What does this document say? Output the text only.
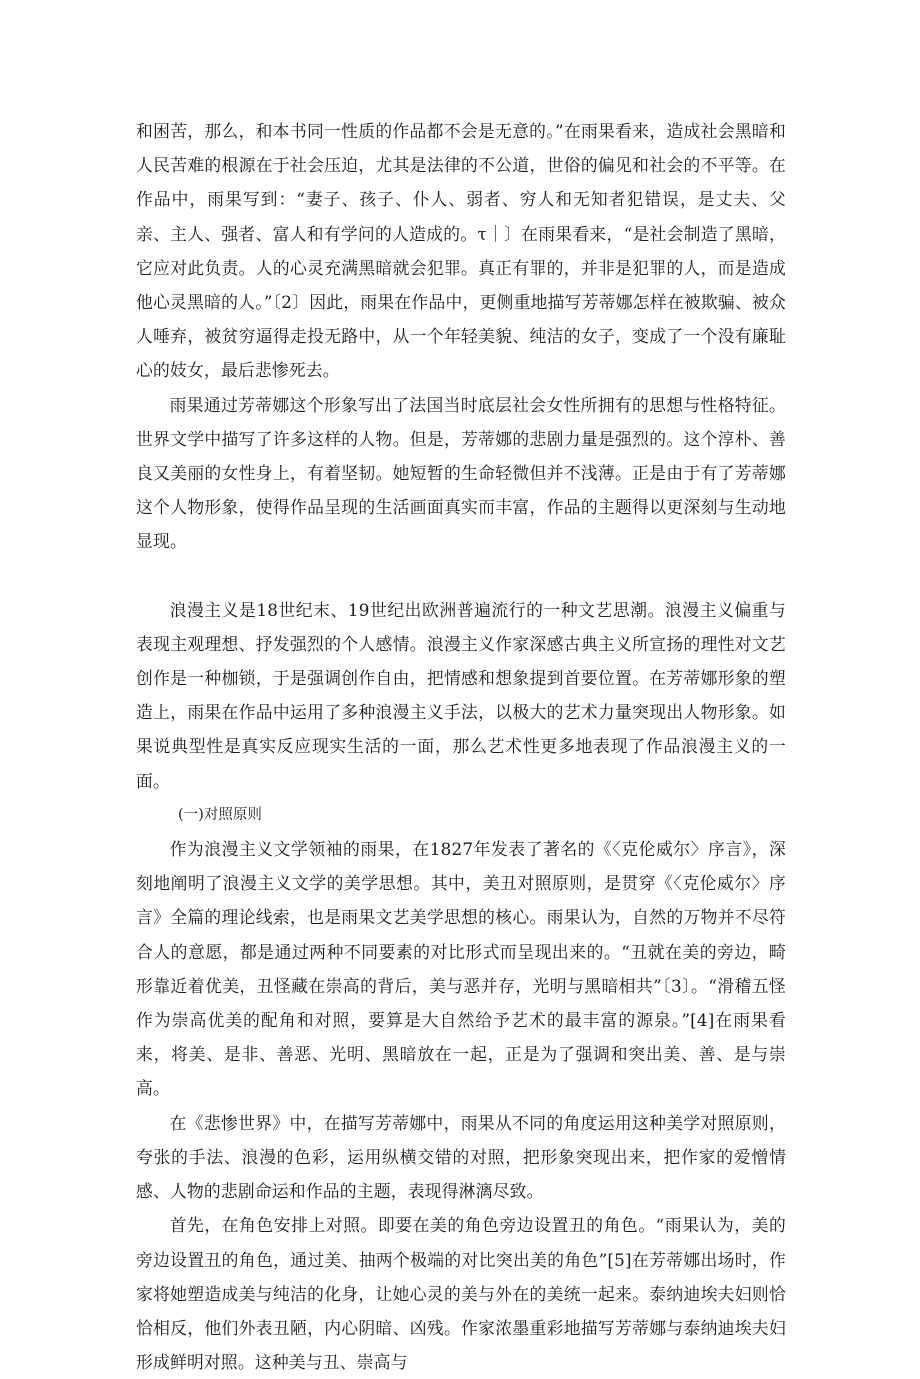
和困苦，那么，和本书同一性质的作品都不会是无意的。”在雨果看来，造成社会黑暗和人民苦难的根源在于社会压迫，尤其是法律的不公道，世俗的偏见和社会的不平等。在作品中，雨果写到：“妻子、孩子、仆人、弱者、穷人和无知者犯错误，是丈夫、父亲、主人、强者、富人和有学问的人造成的。τ｜〕在雨果看来，“是社会制造了黑暗，它应对此负责。人的心灵充满黑暗就会犯罪。真正有罪的，并非是犯罪的人，而是造成他心灵黑暗的人。”〔2〕因此，雨果在作品中，更侧重地描写芳蒂娜怎样在被欺骗、被众人唾弃，被贫穷逼得走投无路中，从一个年轻美貌、纯洁的女子，变成了一个没有廉耻心的妓女，最后悲惨死去。

雨果通过芳蒂娜这个形象写出了法国当时底层社会女性所拥有的思想与性格特征。世界文学中描写了许多这样的人物。但是，芳蒂娜的悲剧力量是强烈的。这个淳朴、善良又美丽的女性身上，有着坚韧。她短暂的生命轻微但并不浅薄。正是由于有了芳蒂娜这个人物形象，使得作品呈现的生活画面真实而丰富，作品的主题得以更深刻与生动地显现。

浪漫主义是18世纪末、19世纪出欧洲普遍流行的一种文艺思潮。浪漫主义偏重与表现主观理想、抒发强烈的个人感情。浪漫主义作家深感古典主义所宣扬的理性对文艺创作是一种枷锁，于是强调创作自由，把情感和想象提到首要位置。在芳蒂娜形象的塑造上，雨果在作品中运用了多种浪漫主义手法，以极大的艺术力量突现出人物形象。如果说典型性是真实反应现实生活的一面，那么艺术性更多地表现了作品浪漫主义的一面。

(一)对照原则

作为浪漫主义文学领袖的雨果，在1827年发表了著名的《〈克伦威尔〉序言》，深刻地阐明了浪漫主义文学的美学思想。其中，美丑对照原则，是贯穿《〈克伦威尔〉序言》全篇的理论线索，也是雨果文艺美学思想的核心。雨果认为，自然的万物并不尽符合人的意愿，都是通过两种不同要素的对比形式而呈现出来的。“丑就在美的旁边，畸形靠近着优美，丑怪藏在崇高的背后，美与恶并存，光明与黑暗相共”〔3〕。“滑稽五怪作为崇高优美的配角和对照，要算是大自然给予艺术的最丰富的源泉。”[4]在雨果看来，将美、是非、善恶、光明、黑暗放在一起，正是为了强调和突出美、善、是与崇高。

在《悲惨世界》中，在描写芳蒂娜中，雨果从不同的角度运用这种美学对照原则，夸张的手法、浪漫的色彩，运用纵横交错的对照，把形象突现出来，把作家的爱憎情感、人物的悲剧命运和作品的主题，表现得淋漓尽致。

首先，在角色安排上对照。即要在美的角色旁边设置丑的角色。“雨果认为，美的旁边设置丑的角色，通过美、抽两个极端的对比突出美的角色”[5]在芳蒂娜出场时，作家将她塑造成美与纯洁的化身，让她心灵的美与外在的美统一起来。泰纳迪埃夫妇则恰恰相反，他们外表丑陋，内心阴暗、凶残。作家浓墨重彩地描写芳蒂娜与泰纳迪埃夫妇形成鲜明对照。这种美与丑、崇高与
